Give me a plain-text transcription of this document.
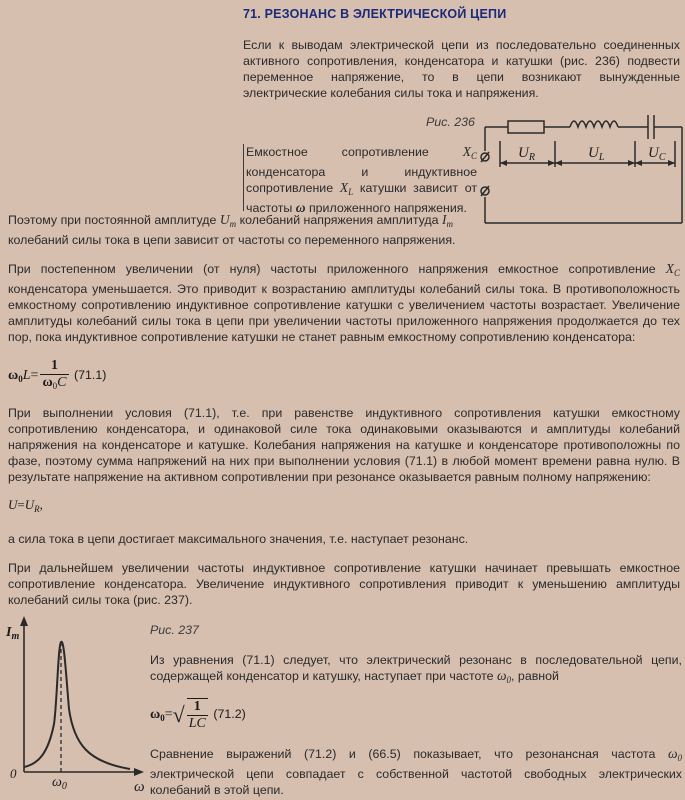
71. РЕЗОНАНС В ЭЛЕКТРИЧЕСКОЙ ЦЕПИ
Если к выводам электрической цепи из последовательно соединенных активного сопротивления, конденсатора и катушки (рис. 236) подвести переменное напряжение, то в цепи возникают вынужденные электрические колебания силы тока и напряжения.
Рис. 236
$U_R$	$U_L$	$U_C$
Емкостное	сопротивление	$X_C$
конденсатора	и	индуктивное
сопротивление $X_L$ катушки зависит от
частоты ω приложенного напряжения.
Поэтому при постоянной амплитуде $U_m$ колебаний напряжения амплитуда $I_m$ колебаний силы тока в цепи зависит от частоты со переменного напряжения.
При постепенном увеличении (от нуля) частоты приложенного напряжения емкостное сопротивление $X_C$ конденсатора уменьшается. Это приводит к возрастанию амплитуды колебаний силы тока. В противоположность емкостному сопротивлению индуктивное сопротивление катушки с увеличением частоты возрастает. Увеличение амплитуды колебаний силы тока в цепи при увеличении частоты приложенного напряжения продолжается до тех пор, пока индуктивное сопротивление катушки не станет равным емкостному сопротивлению конденсатора:
$\omega_0L= \frac{1}{\omega_0C} (71.1)$
При выполнении условия (71.1), т.е. при равенстве индуктивного сопротивления катушки емкостному сопротивлению конденсатора, и одинаковой силе тока одинаковыми оказываются и амплитуды колебаний напряжения на конденсаторе и катушке. Колебания напряжения на катушке и конденсаторе противоположны по фазе, поэтому сумма напряжений на них при выполнении условия (71.1) в любой момент времени равна нулю. В результате напряжение на активном сопротивлении при резонансе оказывается равным полному напряжению:
$U=U_R$,
а сила тока в цепи достигает максимального значения, т.е. наступает резонанс.
При дальнейшем увеличении частоты индуктивное сопротивление катушки начинает превышать емкостное сопротивление конденсатора. Увеличение индуктивного сопротивления приводит к уменьшению амплитуды колебаний силы тока (рис. 237).
$I_m$
0
$\omega_0$	ω
Рис. 237
Из уравнения (71.1) следует, что электрический резонанс в последовательной цепи, содержащей конденсатор и катушку, наступает при частоте $\omega_0$, равной
$\omega_0=√ \frac{1}{LC} (71.2)$
Сравнение выражений (71.2) и (66.5) показывает, что резонансная частота $\omega_0$ электрической цепи совпадает с собственной частотой свободных электрических колебаний в этой цепи.
